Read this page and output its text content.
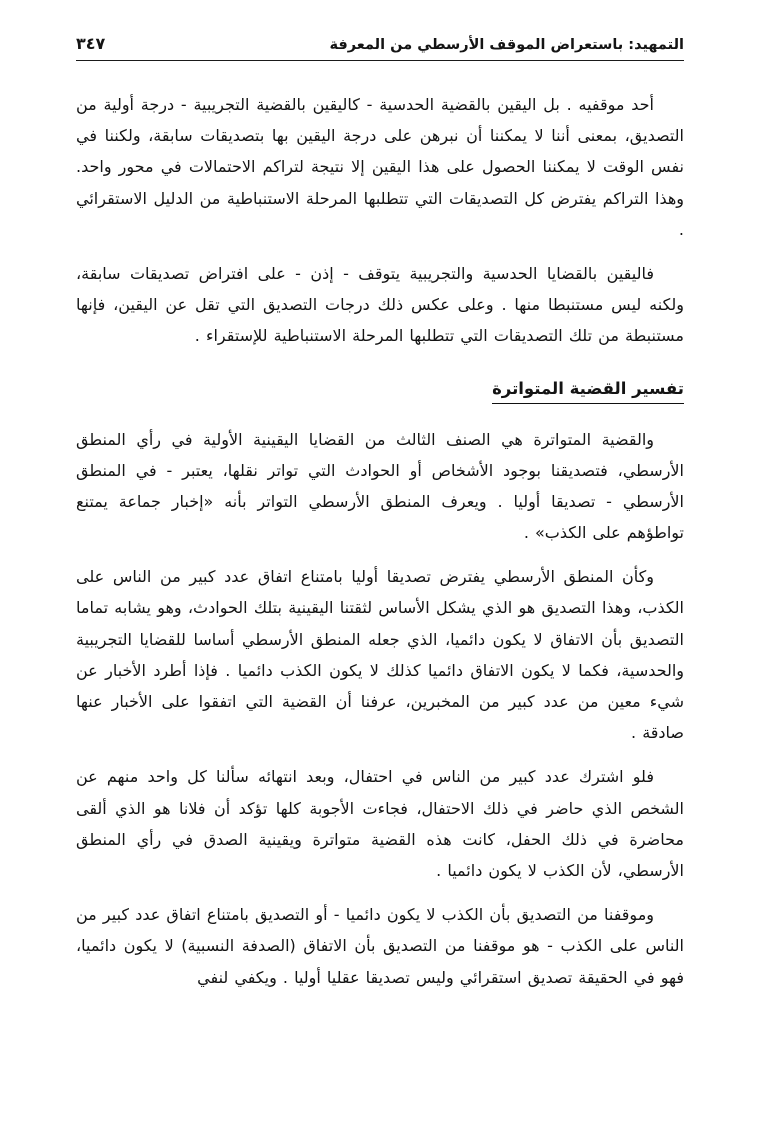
التمهيد: باستعراض الموقف الأرسطي من المعرفة
٣٤٧

أحد موقفيه . بل اليقين بالقضية الحدسية - كاليقين بالقضية التجريبية - درجة أولية من التصديق، بمعنى أننا لا يمكننا أن نبرهن على درجة اليقين بها بتصديقات سابقة، ولكننا في نفس الوقت لا يمكننا الحصول على هذا اليقين إلا نتيجة لتراكم الاحتمالات في محور واحد. وهذا التراكم يفترض كل التصديقات التي تتطلبها المرحلة الاستنباطية من الدليل الاستقرائي .

فاليقين بالقضايا الحدسية والتجريبية يتوقف - إذن - على افتراض تصديقات سابقة، ولكنه ليس مستنبطا منها . وعلى عكس ذلك درجات التصديق التي تقل عن اليقين، فإنها مستنبطة من تلك التصديقات التي تتطلبها المرحلة الاستنباطية للإستقراء .

تفسير القضية المتواترة

والقضية المتواترة هي الصنف الثالث من القضايا اليقينية الأولية في رأي المنطق الأرسطي، فتصديقنا بوجود الأشخاص أو الحوادث التي تواتر نقلها، يعتبر - في المنطق الأرسطي - تصديقا أوليا . ويعرف المنطق الأرسطي التواتر بأنه «إخبار جماعة يمتنع تواطؤهم على الكذب» .

وكأن المنطق الأرسطي يفترض تصديقا أوليا بامتناع اتفاق عدد كبير من الناس على الكذب، وهذا التصديق هو الذي يشكل الأساس لثقتنا اليقينية بتلك الحوادث، وهو يشابه تماما التصديق بأن الاتفاق لا يكون دائميا، الذي جعله المنطق الأرسطي أساسا للقضايا التجريبية والحدسية، فكما لا يكون الاتفاق دائميا كذلك لا يكون الكذب دائميا . فإذا أطرد الأخبار عن شيء معين من عدد كبير من المخبرين، عرفنا أن القضية التي اتفقوا على الأخبار عنها صادقة .

فلو اشترك عدد كبير من الناس في احتفال، وبعد انتهائه سألنا كل واحد منهم عن الشخص الذي حاضر في ذلك الاحتفال، فجاءت الأجوبة كلها تؤكد أن فلانا هو الذي ألقى محاضرة في ذلك الحفل، كانت هذه القضية متواترة ويقينية الصدق في رأي المنطق الأرسطي، لأن الكذب لا يكون دائميا .

وموقفنا من التصديق بأن الكذب لا يكون دائميا - أو التصديق بامتناع اتفاق عدد كبير من الناس على الكذب - هو موقفنا من التصديق بأن الاتفاق (الصدفة النسبية) لا يكون دائميا، فهو في الحقيقة تصديق استقرائي وليس تصديقا عقليا أوليا . ويكفي لنفي
